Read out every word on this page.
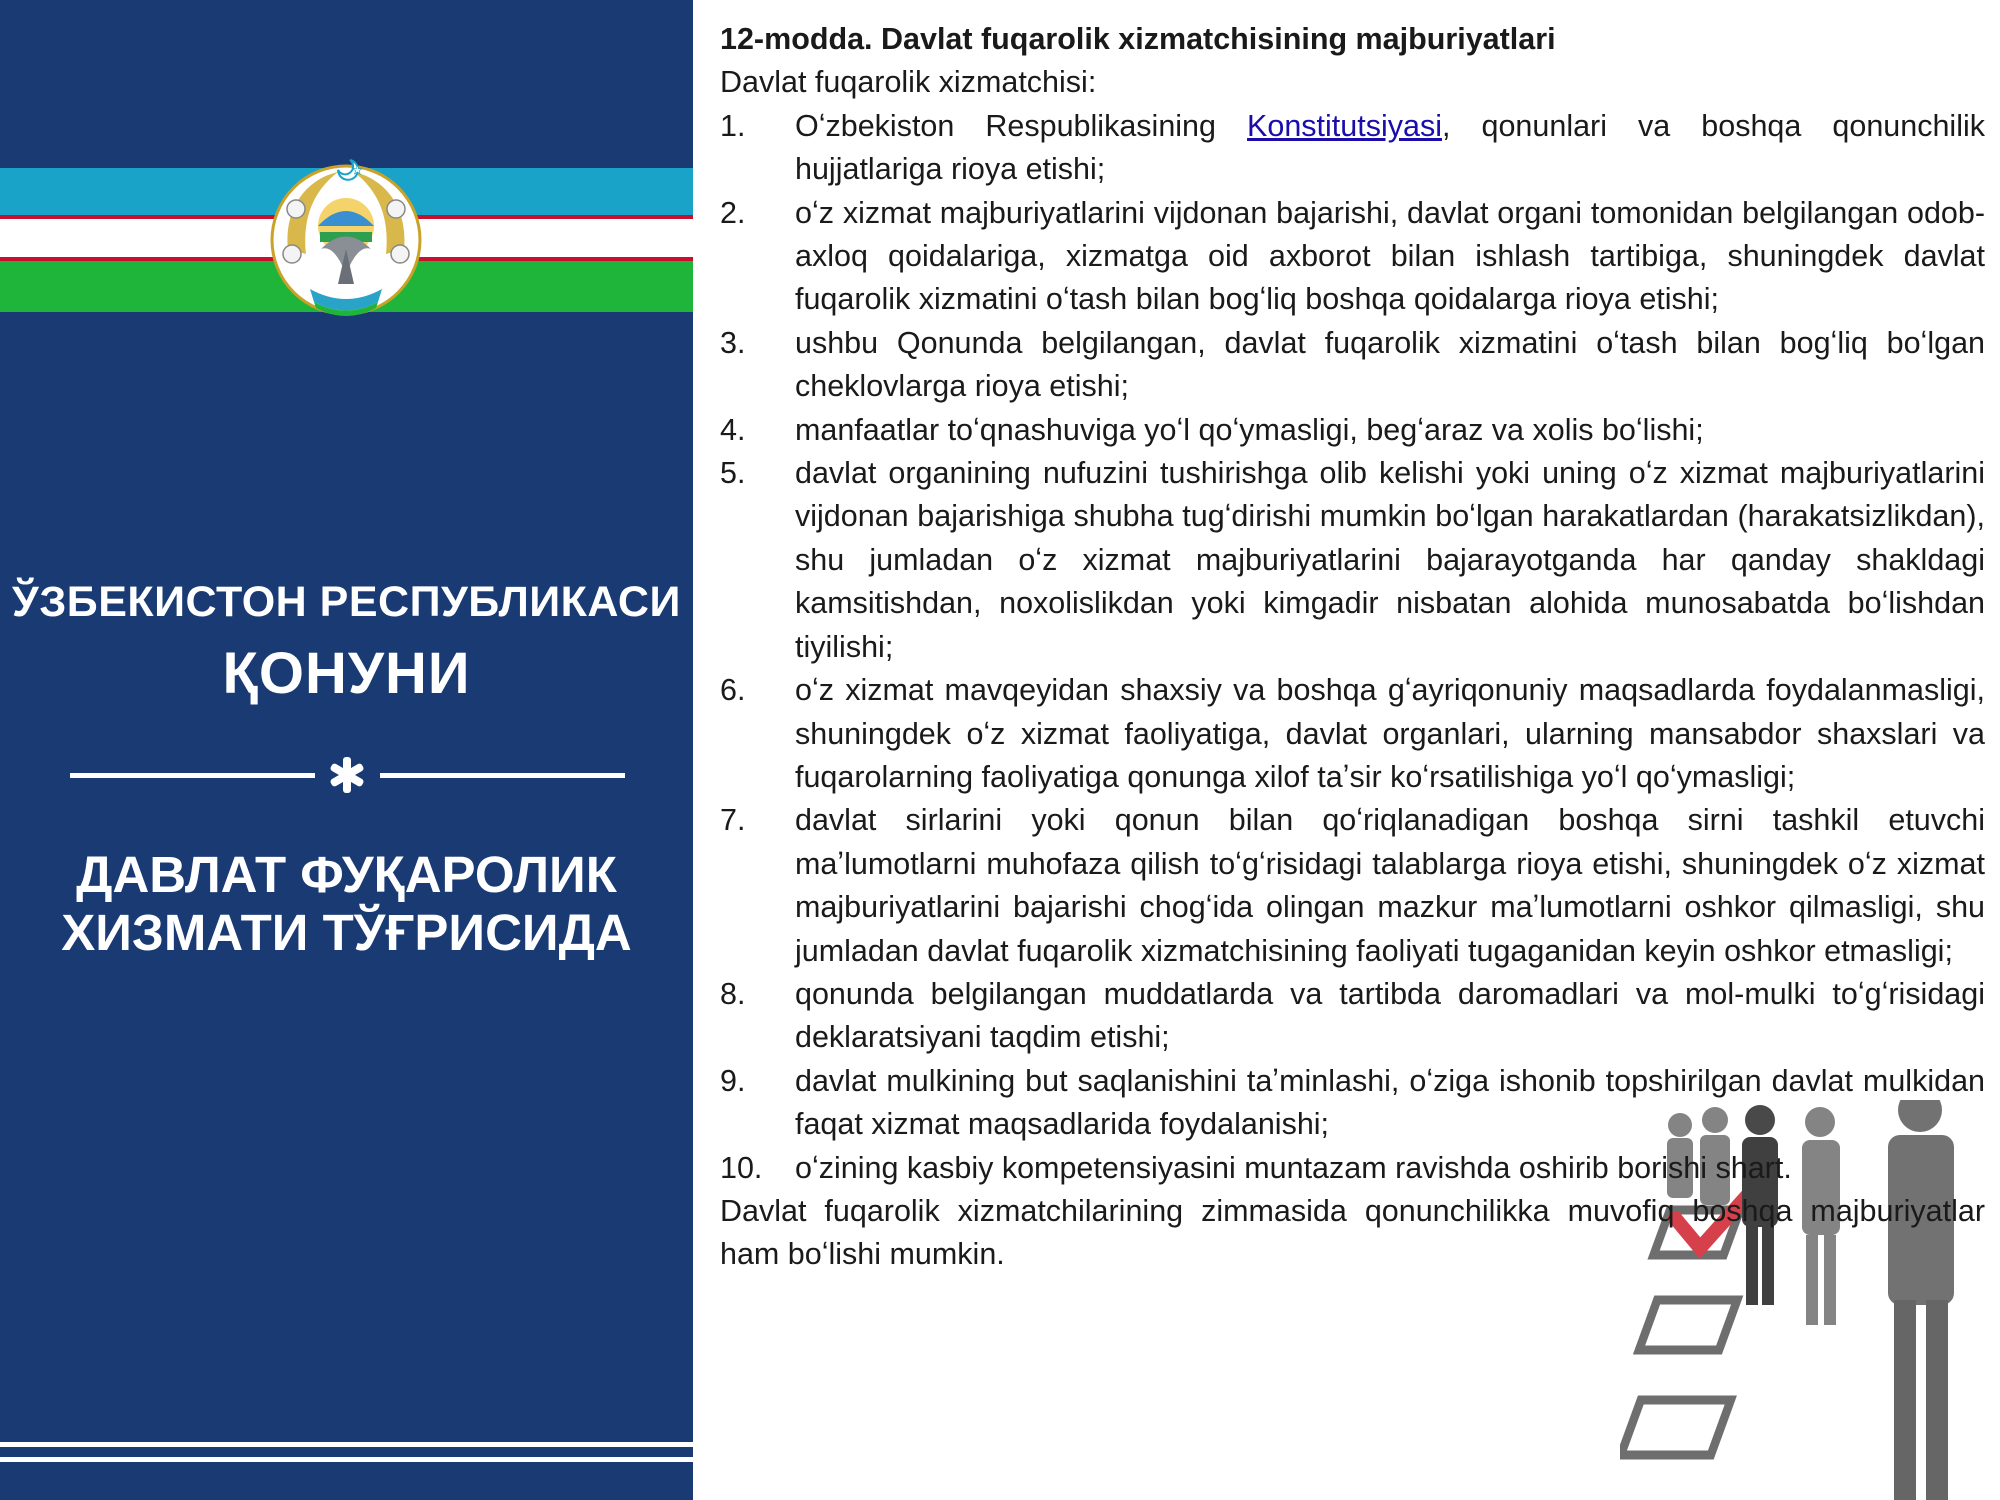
★
ЎЗБЕКИСТОН РЕСПУБЛИКАСИ
ҚОНУНИ
ДАВЛАТ ФУҚАРОЛИК
ХИЗМАТИ ТЎҒРИСИДА
12-modda. Davlat fuqarolik xizmatchisining majburiyatlari
Davlat fuqarolik xizmatchisi:
1. Oʻzbekiston Respublikasining Konstitutsiyasi, qonunlari va boshqa qonunchilik hujjatlariga rioya etishi;
2. oʻz xizmat majburiyatlarini vijdonan bajarishi, davlat organi tomonidan belgilangan odob-axloq qoidalariga, xizmatga oid axborot bilan ishlash tartibiga, shuningdek davlat fuqarolik xizmatini oʻtash bilan bogʻliq boshqa qoidalarga rioya etishi;
3. ushbu Qonunda belgilangan, davlat fuqarolik xizmatini oʻtash bilan bogʻliq boʻlgan cheklovlarga rioya etishi;
4. manfaatlar toʻqnashuviga yoʻl qoʻymasligi, begʻaraz va xolis boʻlishi;
5. davlat organining nufuzini tushirishga olib kelishi yoki uning oʻz xizmat majburiyatlarini vijdonan bajarishiga shubha tugʻdirishi mumkin boʻlgan harakatlardan (harakatsizlikdan), shu jumladan oʻz xizmat majburiyatlarini bajarayotganda har qanday shakldagi kamsitishdan, noxolislikdan yoki kimgadir nisbatan alohida munosabatda boʻlishdan tiyilishi;
6. oʻz xizmat mavqeyidan shaxsiy va boshqa gʻayriqonuniy maqsadlarda foydalanmasligi, shuningdek oʻz xizmat faoliyatiga, davlat organlari, ularning mansabdor shaxslari va fuqarolarning faoliyatiga qonunga xilof taʼsir koʻrsatilishiga yoʻl qoʻymasligi;
7. davlat sirlarini yoki qonun bilan qoʻriqlanadigan boshqa sirni tashkil etuvchi maʼlumotlarni muhofaza qilish toʻgʻrisidagi talablarga rioya etishi, shuningdek oʻz xizmat majburiyatlarini bajarishi chogʻida olingan mazkur maʼlumotlarni oshkor qilmasligi, shu jumladan davlat fuqarolik xizmatchisining faoliyati tugaganidan keyin oshkor etmasligi;
8. qonunda belgilangan muddatlarda va tartibda daromadlari va mol-mulki toʻgʻrisidagi deklaratsiyani taqdim etishi;
9. davlat mulkining but saqlanishini taʼminlashi, oʻziga ishonib topshirilgan davlat mulkidan faqat xizmat maqsadlarida foydalanishi;
10. oʻzining kasbiy kompetensiyasini muntazam ravishda oshirib borishi shart.
Davlat fuqarolik xizmatchilarining zimmasida qonunchilikka muvofiq boshqa majburiyatlar ham boʻlishi mumkin.
